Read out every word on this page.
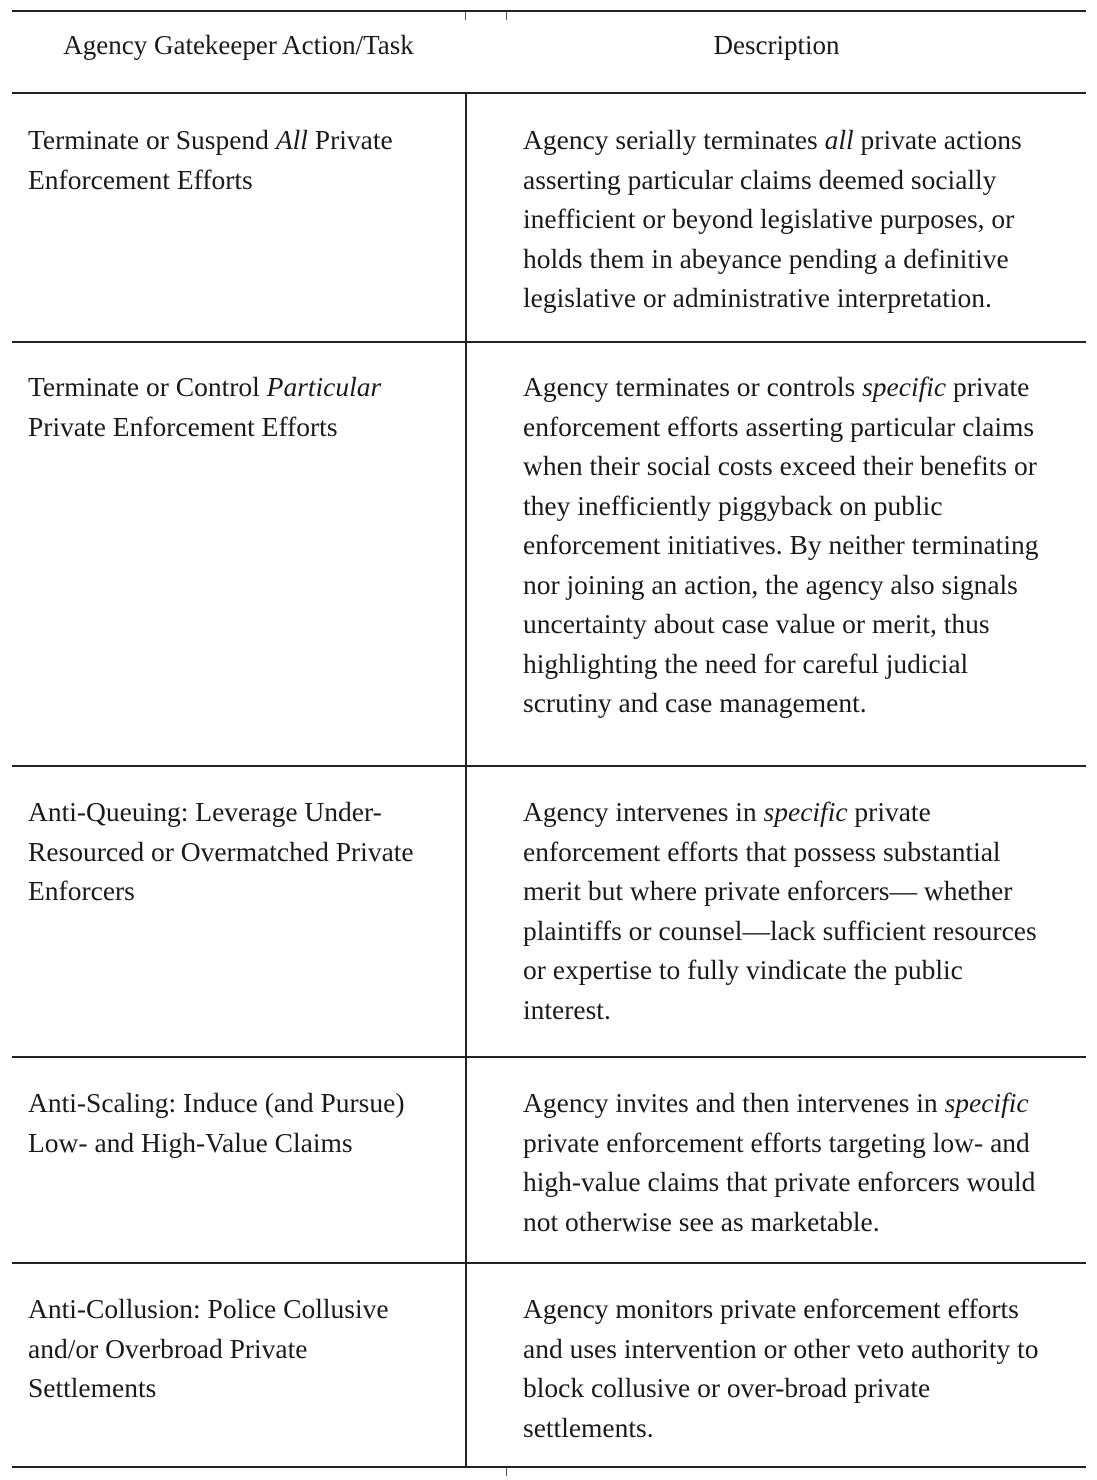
Agency Gatekeeper Action/Task	Description
Terminate or Suspend All Private
Enforcement Efforts
Agency serially terminates all private actions
asserting particular claims deemed socially
inefficient or beyond legislative purposes, or
holds them in abeyance pending a definitive
legislative or administrative interpretation.
Terminate or Control Particular
Private Enforcement Efforts
Agency terminates or controls specific private
enforcement efforts asserting particular claims
when their social costs exceed their benefits or
they inefficiently piggyback on public
enforcement initiatives. By neither terminating
nor joining an action, the agency also signals
uncertainty about case value or merit, thus
highlighting the need for careful judicial
scrutiny and case management.
Anti-Queuing: Leverage Under-
Resourced or Overmatched Private
Enforcers
Agency intervenes in specific private
enforcement efforts that possess substantial
merit but where private enforcers— whether
plaintiffs or counsel—lack sufficient resources
or expertise to fully vindicate the public
interest.
Anti-Scaling: Induce (and Pursue)
Low- and High-Value Claims
Agency invites and then intervenes in specific
private enforcement efforts targeting low- and
high-value claims that private enforcers would
not otherwise see as marketable.
Anti-Collusion: Police Collusive
and/or Overbroad Private
Settlements
Agency monitors private enforcement efforts
and uses intervention or other veto authority to
block collusive or over-broad private
settlements.
